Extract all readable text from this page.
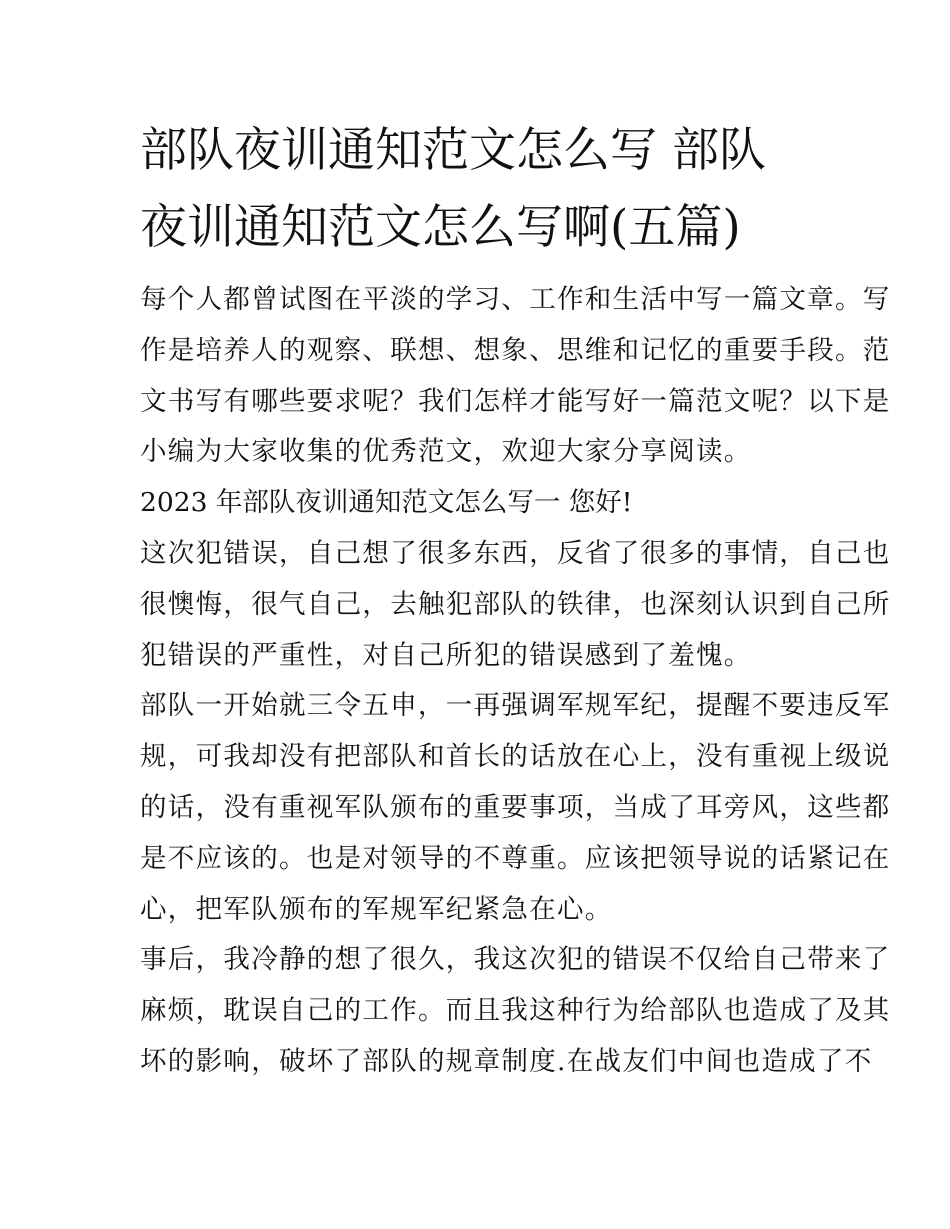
部队夜训通知范文怎么写 部队
夜训通知范文怎么写啊(五篇)
每个人都曾试图在平淡的学习、工作和生活中写一篇文章。写
作是培养人的观察、联想、想象、思维和记忆的重要手段。范
文书写有哪些要求呢？我们怎样才能写好一篇范文呢？以下是
小编为大家收集的优秀范文，欢迎大家分享阅读。
2023 年部队夜训通知范文怎么写一 您好!
这次犯错误，自己想了很多东西，反省了很多的事情，自己也
很懊悔，很气自己，去触犯部队的铁律，也深刻认识到自己所
犯错误的严重性，对自己所犯的错误感到了羞愧。
部队一开始就三令五申，一再强调军规军纪，提醒不要违反军
规，可我却没有把部队和首长的话放在心上，没有重视上级说
的话，没有重视军队颁布的重要事项，当成了耳旁风，这些都
是不应该的。也是对领导的不尊重。应该把领导说的话紧记在
心，把军队颁布的军规军纪紧急在心。
事后，我冷静的想了很久，我这次犯的错误不仅给自己带来了
麻烦，耽误自己的工作。而且我这种行为给部队也造成了及其
坏的影响，破坏了部队的规章制度.在战友们中间也造成了不
